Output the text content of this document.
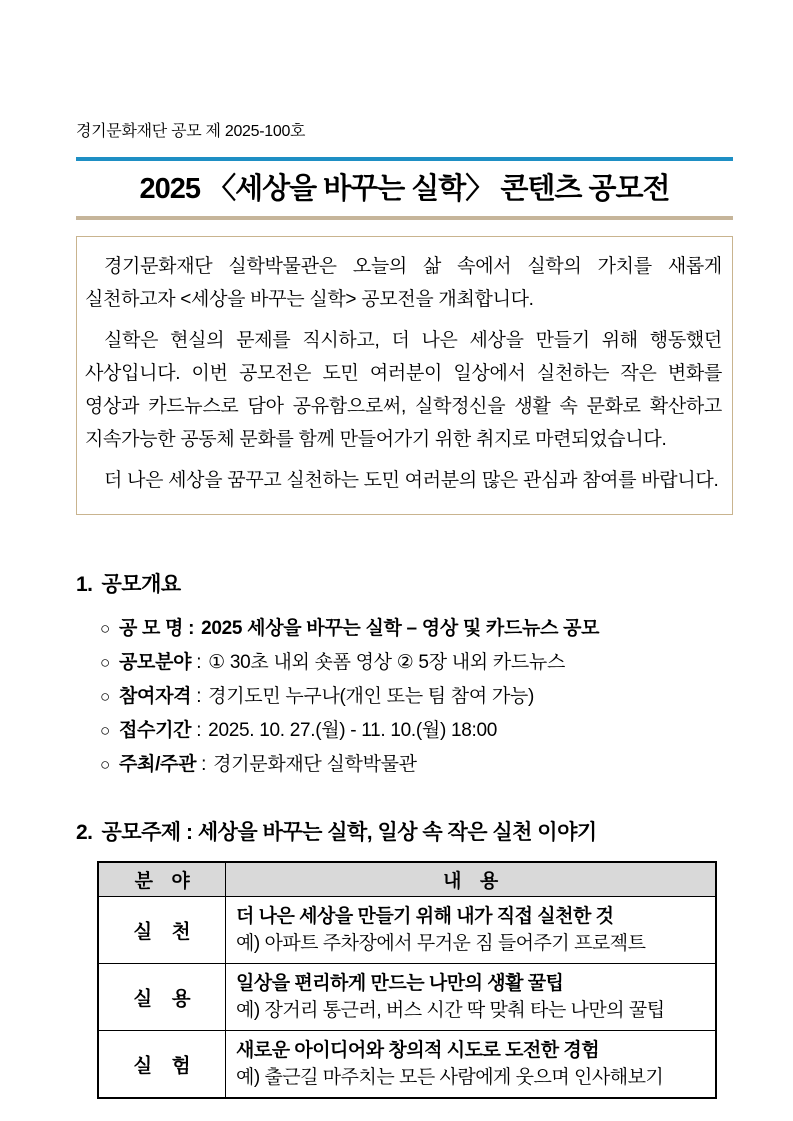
경기문화재단 공모 제 2025-100호
2025 〈세상을 바꾸는 실학〉 콘텐츠 공모전

경기문화재단 실학박물관은 오늘의 삶 속에서 실학의 가치를 새롭게 실천하고자 <세상을 바꾸는 실학> 공모전을 개최합니다.

실학은 현실의 문제를 직시하고, 더 나은 세상을 만들기 위해 행동했던 사상입니다. 이번 공모전은 도민 여러분이 일상에서 실천하는 작은 변화를 영상과 카드뉴스로 담아 공유함으로써, 실학정신을 생활 속 문화로 확산하고 지속가능한 공동체 문화를 함께 만들어가기 위한 취지로 마련되었습니다.

더 나은 세상을 꿈꾸고 실천하는 도민 여러분의 많은 관심과 참여를 바랍니다.

1. 공모개요
○ 공 모 명 : 2025 세상을 바꾸는 실학 – 영상 및 카드뉴스 공모
○ 공모분야 : ① 30초 내외 숏폼 영상 ② 5장 내외 카드뉴스
○ 참여자격 : 경기도민 누구나(개인 또는 팀 참여 가능)
○ 접수기간 : 2025. 10. 27.(월) - 11. 10.(월) 18:00
○ 주최/주관 : 경기문화재단 실학박물관
2. 공모주제 : 세상을 바꾸는 실학, 일상 속 작은 실천 이야기
분　야	내　용
실　천	더 나은 세상을 만들기 위해 내가 직접 실천한 것
예) 아파트 주차장에서 무거운 짐 들어주기 프로젝트

실　용	일상을 편리하게 만드는 나만의 생활 꿀팁
예) 장거리 통근러, 버스 시간 딱 맞춰 타는 나만의 꿀팁

실　험	새로운 아이디어와 창의적 시도로 도전한 경험
예) 출근길 마주치는 모든 사람에게 웃으며 인사해보기
